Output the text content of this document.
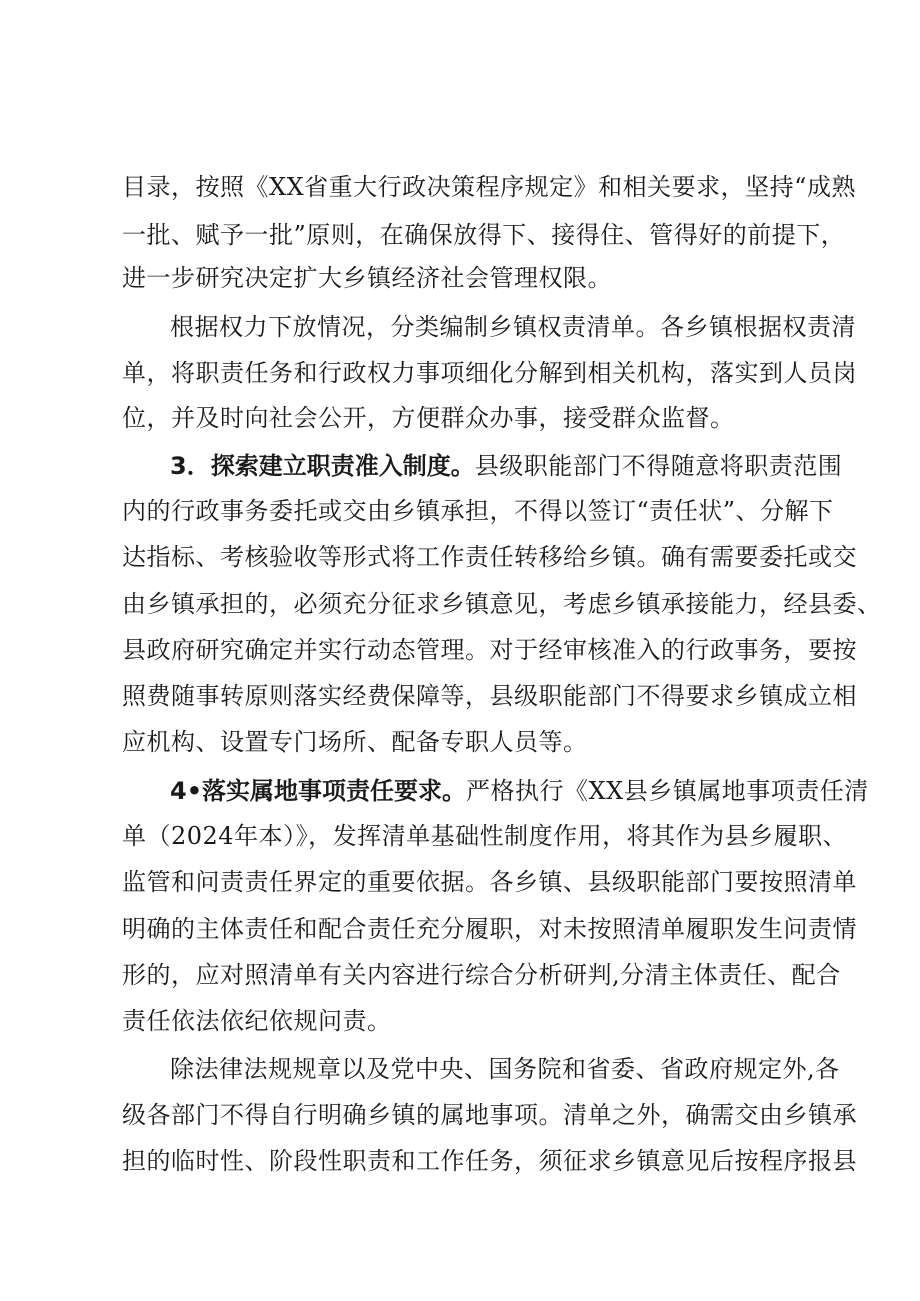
目录，按照《XX省重大行政决策程序规定》和相关要求，坚持“成熟
一批、赋予一批”原则，在确保放得下、接得住、管得好的前提下，
进一步研究决定扩大乡镇经济社会管理权限。
根据权力下放情况，分类编制乡镇权责清单。各乡镇根据权责清
单，将职责任务和行政权力事项细化分解到相关机构，落实到人员岗
位，并及时向社会公开，方便群众办事，接受群众监督。
3．探索建立职责准入制度。县级职能部门不得随意将职责范围
内的行政事务委托或交由乡镇承担，不得以签订“责任状”、分解下
达指标、考核验收等形式将工作责任转移给乡镇。确有需要委托或交
由乡镇承担的，必须充分征求乡镇意见，考虑乡镇承接能力，经县委、
县政府研究确定并实行动态管理。对于经审核准入的行政事务，要按
照费随事转原则落实经费保障等，县级职能部门不得要求乡镇成立相
应机构、设置专门场所、配备专职人员等。
4•落实属地事项责任要求。严格执行《XX县乡镇属地事项责任清
单（2024年本）》，发挥清单基础性制度作用，将其作为县乡履职、
监管和问责责任界定的重要依据。各乡镇、县级职能部门要按照清单
明确的主体责任和配合责任充分履职，对未按照清单履职发生问责情
形的，应对照清单有关内容进行综合分析研判,分清主体责任、配合
责任依法依纪依规问责。
除法律法规规章以及党中央、国务院和省委、省政府规定外,各
级各部门不得自行明确乡镇的属地事项。清单之外，确需交由乡镇承
担的临时性、阶段性职责和工作任务，须征求乡镇意见后按程序报县
